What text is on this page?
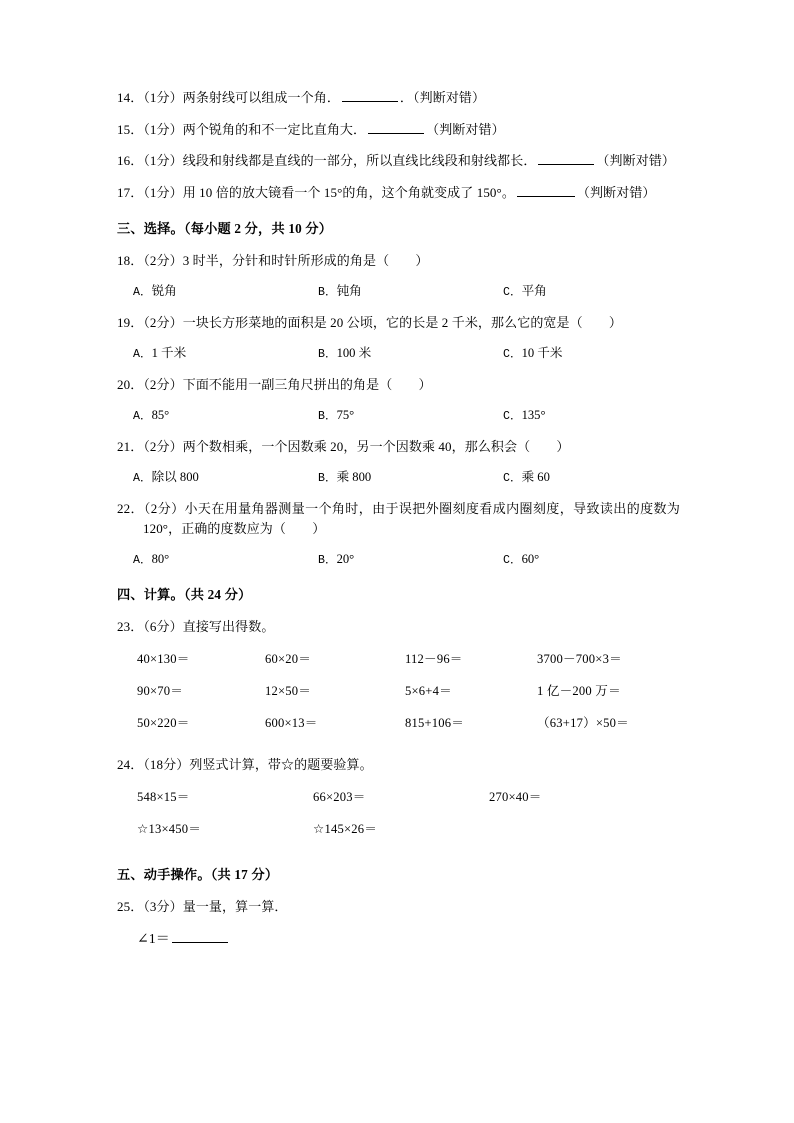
14．（1分）两条射线可以组成一个角．	．（判断对错）
15．（1分）两个锐角的和不一定比直角大．	（判断对错）
16．（1分）线段和射线都是直线的一部分，所以直线比线段和射线都长．	（判断对错）
17．（1分）用 10 倍的放大镜看一个 15°的角，这个角就变成了 150°。	（判断对错）
三、选择。（每小题 2 分，共 10 分）
18．（2分）3 时半，分针和时针所形成的角是（　　）
A．锐角	B．钝角	C．平角
19．（2分）一块长方形菜地的面积是 20 公顷，它的长是 2 千米，那么它的宽是（　　）
A．1 千米	B．100 米	C．10 千米
20．（2分）下面不能用一副三角尺拼出的角是（　　）
A．85°	B．75°	C．135°
21．（2分）两个数相乘，一个因数乘 20，另一个因数乘 40，那么积会（　　）
A．除以 800	B．乘 800	C．乘 60
22．（2分）小天在用量角器测量一个角时，由于误把外圈刻度看成内圈刻度，导致读出的度数为 120°，正确的度数应为（　　）
A．80°	B．20°	C．60°
四、计算。（共 24 分）
23．（6分）直接写出得数。
40×130＝	60×20＝	112－96＝	3700－700×3＝
90×70＝	12×50＝	5×6+4＝	1 亿－200 万＝
50×220＝	600×13＝	815+106＝	（63+17）×50＝
24．（18分）列竖式计算，带☆的题要验算。
548×15＝	66×203＝	270×40＝
☆13×450＝	☆145×26＝
五、动手操作。（共 17 分）
25．（3分）量一量，算一算．
∠1＝
